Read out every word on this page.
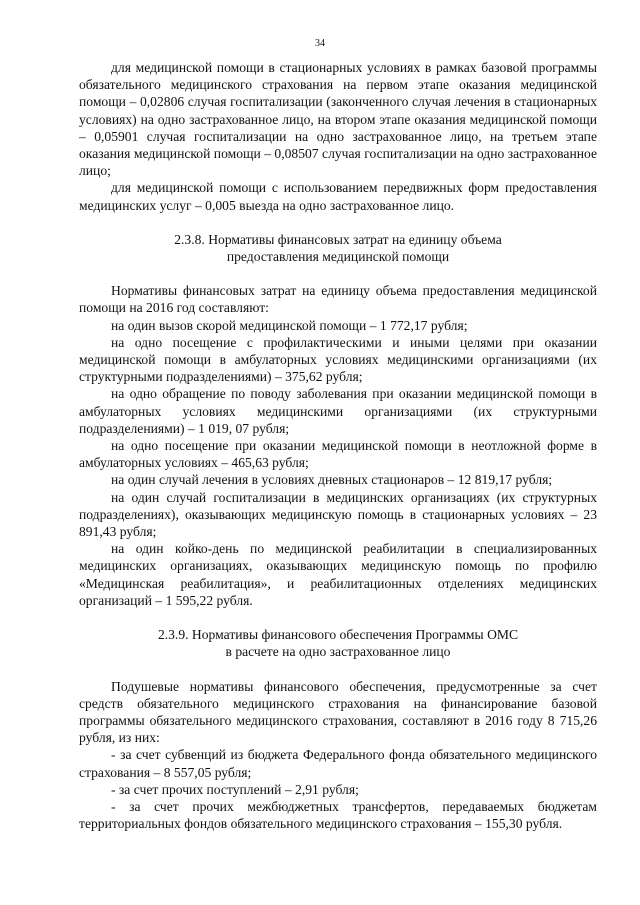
34

для медицинской помощи в стационарных условиях в рамках базовой программы обязательного медицинского страхования на первом этапе оказания медицинской помощи – 0,02806 случая госпитализации (законченного случая лечения в стационарных условиях) на одно застрахованное лицо, на втором этапе оказания медицинской помощи – 0,05901 случая госпитализации на одно застрахованное лицо, на третьем этапе оказания медицинской помощи – 0,08507 случая госпитализации на одно застрахованное лицо;

для медицинской помощи с использованием передвижных форм предоставления медицинских услуг – 0,005 выезда на одно застрахованное лицо.

2.3.8. Нормативы финансовых затрат на единицу объема

предоставления медицинской помощи

Нормативы финансовых затрат на единицу объема предоставления медицинской помощи на 2016 год составляют:

на один вызов скорой медицинской помощи – 1 772,17 рубля;

на одно посещение с профилактическими и иными целями при оказании медицинской помощи в амбулаторных условиях медицинскими организациями (их структурными подразделениями) – 375,62 рубля;

на одно обращение по поводу заболевания при оказании медицинской помощи в амбулаторных условиях медицинскими организациями (их структурными подразделениями) – 1 019, 07 рубля;

на одно посещение при оказании медицинской помощи в неотложной форме в амбулаторных условиях – 465,63 рубля;

на один случай лечения в условиях дневных стационаров – 12 819,17 рубля;

на один случай госпитализации в медицинских организациях (их структурных подразделениях), оказывающих медицинскую помощь в стационарных условиях – 23 891,43 рубля;

на один койко-день по медицинской реабилитации в специализированных медицинских организациях, оказывающих медицинскую помощь по профилю «Медицинская реабилитация», и реабилитационных отделениях медицинских организаций – 1 595,22 рубля.

2.3.9. Нормативы финансового обеспечения Программы ОМС

в расчете на одно застрахованное лицо

Подушевые нормативы финансового обеспечения, предусмотренные за счет средств обязательного медицинского страхования на финансирование базовой программы обязательного медицинского страхования, составляют в 2016 году 8 715,26 рубля, из них:

- за счет субвенций из бюджета Федерального фонда обязательного медицинского страхования – 8 557,05 рубля;

- за счет прочих поступлений – 2,91 рубля;

- за счет прочих межбюджетных трансфертов, передаваемых бюджетам территориальных фондов обязательного медицинского страхования – 155,30 рубля.
